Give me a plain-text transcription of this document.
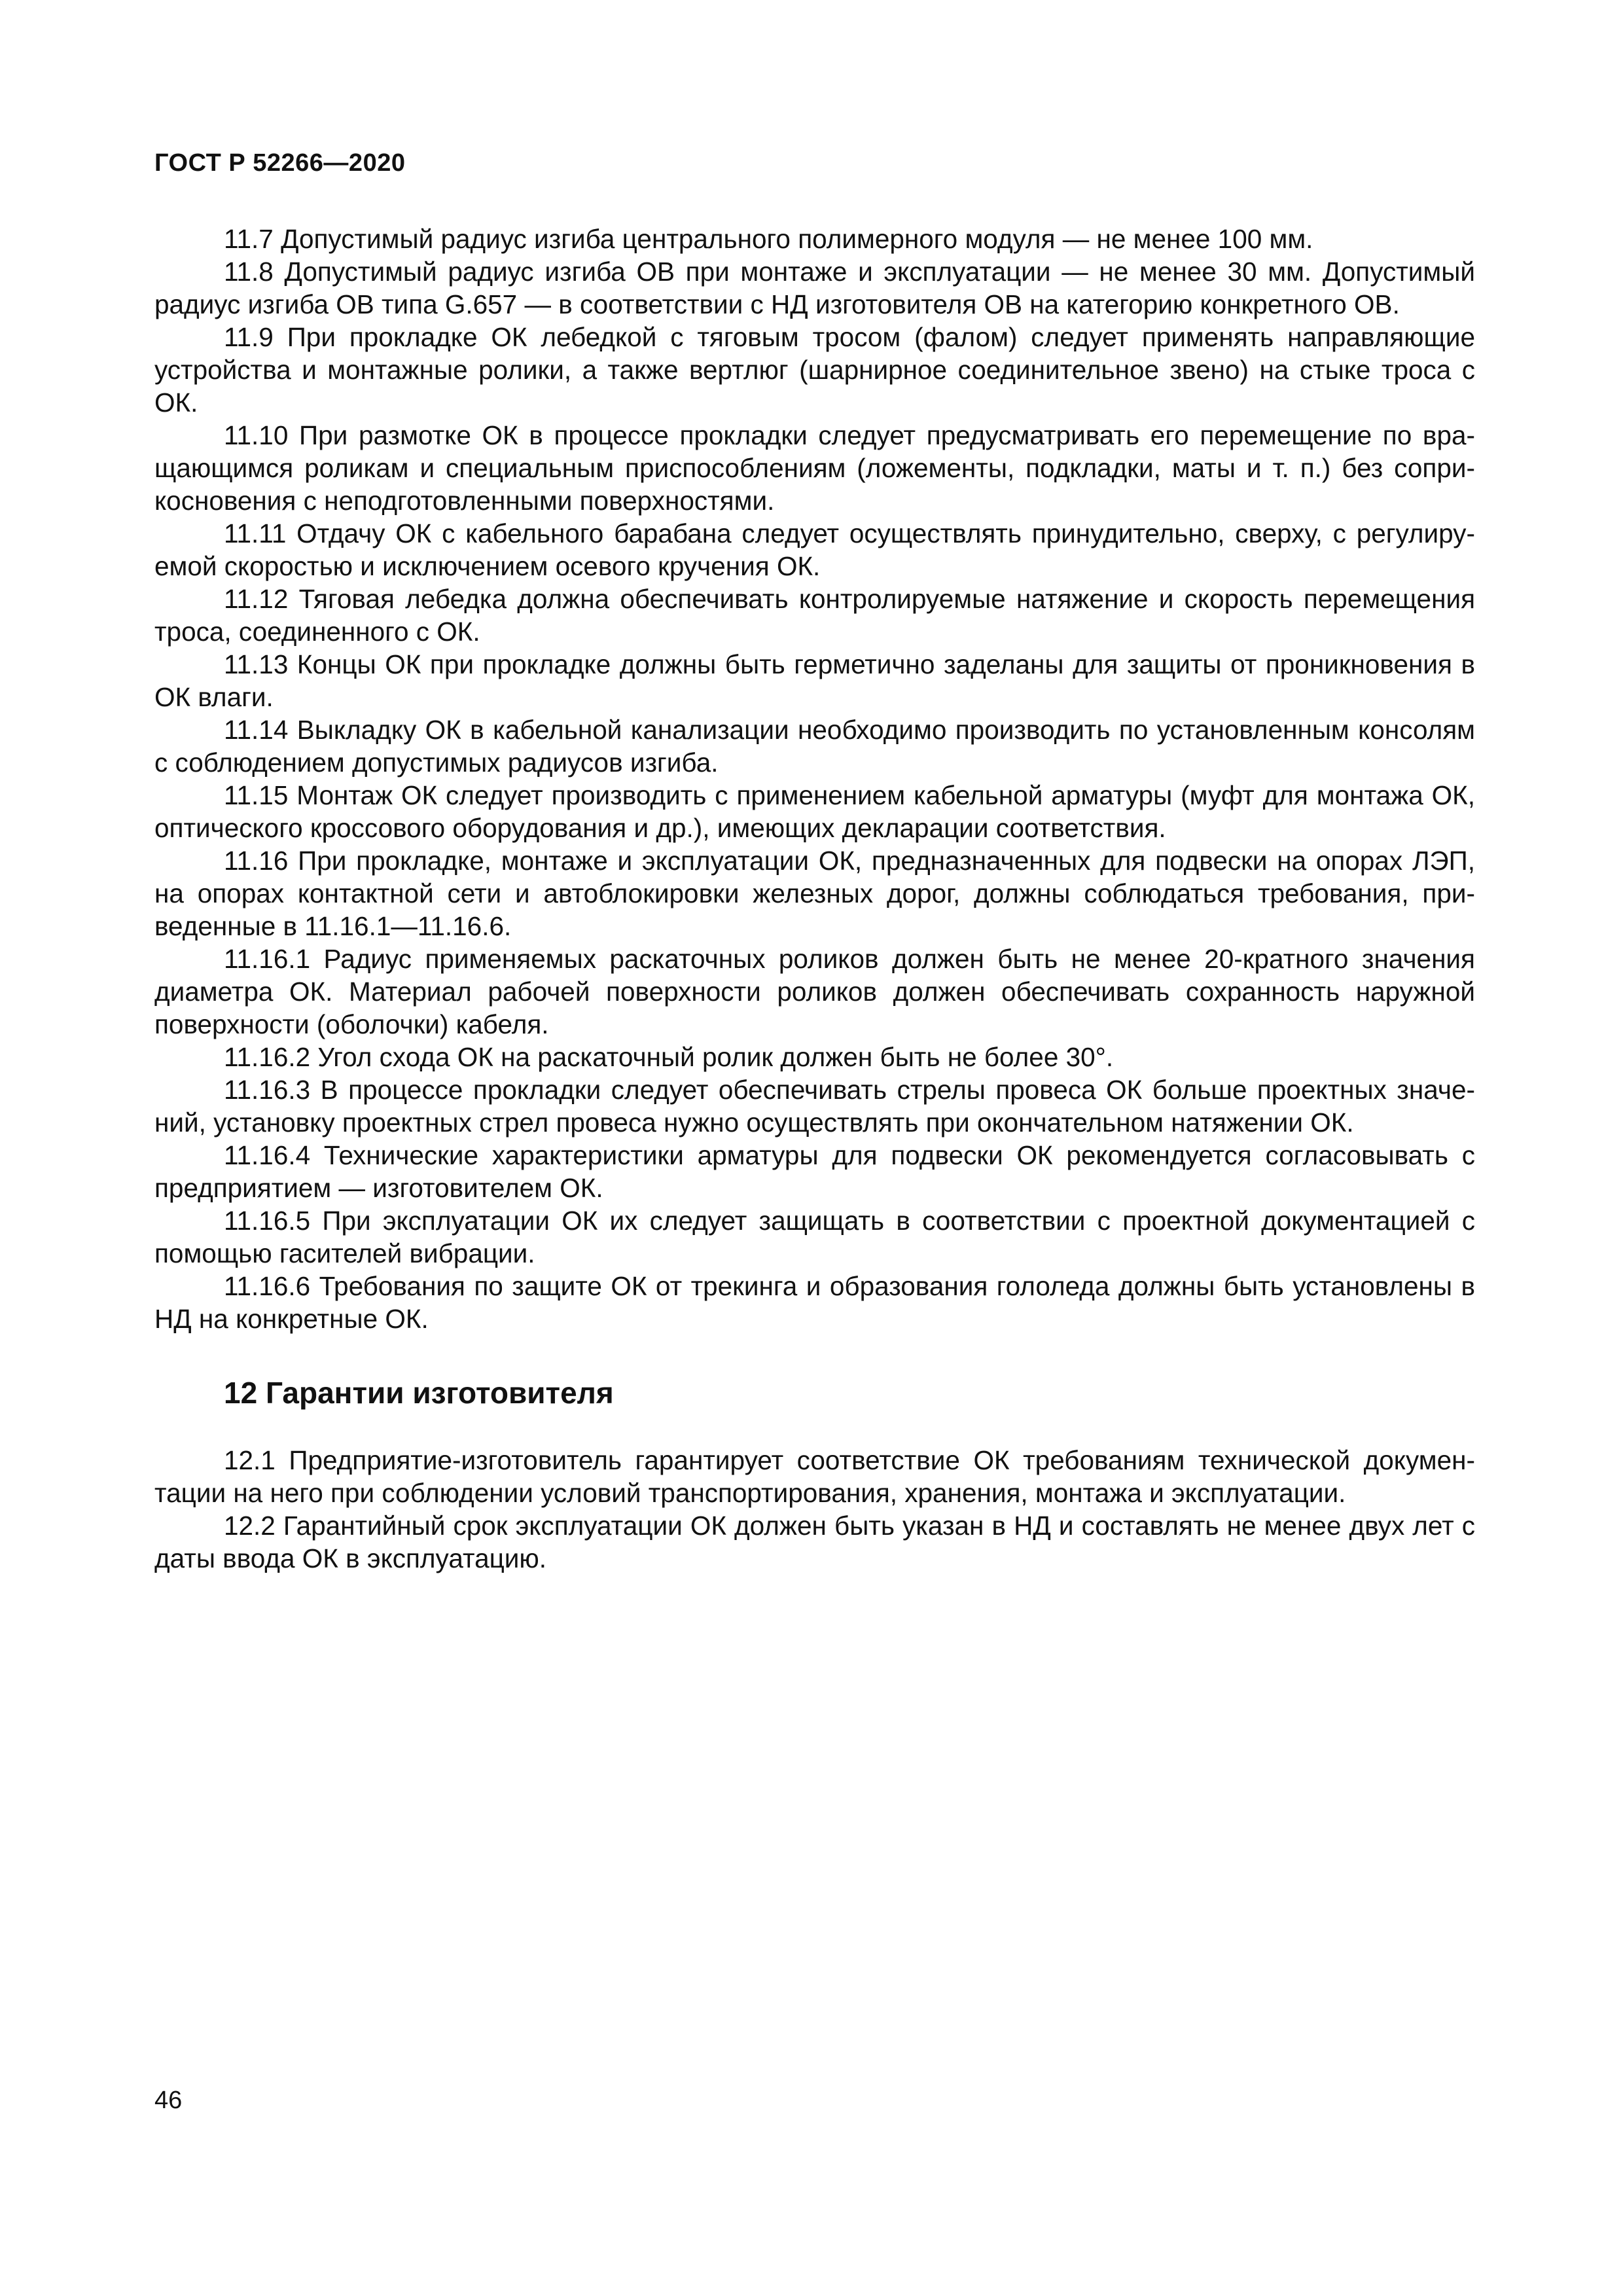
ГОСТ Р 52266—2020

11.7 Допустимый радиус изгиба центрального полимерного модуля — не менее 100 мм.

11.8 Допустимый радиус изгиба ОВ при монтаже и эксплуатации — не менее 30 мм. Допустимый радиус изгиба ОВ типа G.657 — в соответствии с НД изготовителя ОВ на категорию конкретного ОВ.

11.9 При прокладке ОК лебедкой с тяговым тросом (фалом) следует применять направляющие устройства и монтажные ролики, а также вертлюг (шарнирное соединительное звено) на стыке троса с ОК.

11.10 При размотке ОК в процессе прокладки следует предусматривать его перемещение по вращающимся роликам и специальным приспособлениям (ложементы, подкладки, маты и т. п.) без соприкосновения с неподготовленными поверхностями.

11.11 Отдачу ОК с кабельного барабана следует осуществлять принудительно, сверху, с регулируемой скоростью и исключением осевого кручения ОК.

11.12 Тяговая лебедка должна обеспечивать контролируемые натяжение и скорость перемещения троса, соединенного с ОК.

11.13 Концы ОК при прокладке должны быть герметично заделаны для защиты от проникновения в ОК влаги.

11.14 Выкладку ОК в кабельной канализации необходимо производить по установленным консолям с соблюдением допустимых радиусов изгиба.

11.15 Монтаж ОК следует производить с применением кабельной арматуры (муфт для монтажа ОК, оптического кроссового оборудования и др.), имеющих декларации соответствия.

11.16 При прокладке, монтаже и эксплуатации ОК, предназначенных для подвески на опорах ЛЭП, на опорах контактной сети и автоблокировки железных дорог, должны соблюдаться требования, приведенные в 11.16.1—11.16.6.

11.16.1 Радиус применяемых раскаточных роликов должен быть не менее 20-кратного значения диаметра ОК. Материал рабочей поверхности роликов должен обеспечивать сохранность наружной поверхности (оболочки) кабеля.

11.16.2 Угол схода ОК на раскаточный ролик должен быть не более 30°.

11.16.3 В процессе прокладки следует обеспечивать стрелы провеса ОК больше проектных значений, установку проектных стрел провеса нужно осуществлять при окончательном натяжении ОК.

11.16.4 Технические характеристики арматуры для подвески ОК рекомендуется согласовывать с предприятием — изготовителем ОК.

11.16.5 При эксплуатации ОК их следует защищать в соответствии с проектной документацией с помощью гасителей вибрации.

11.16.6 Требования по защите ОК от трекинга и образования гололеда должны быть установлены в НД на конкретные ОК.

12 Гарантии изготовителя

12.1 Предприятие-изготовитель гарантирует соответствие ОК требованиям технической документации на него при соблюдении условий транспортирования, хранения, монтажа и эксплуатации.

12.2 Гарантийный срок эксплуатации ОК должен быть указан в НД и составлять не менее двух лет с даты ввода ОК в эксплуатацию.

46
